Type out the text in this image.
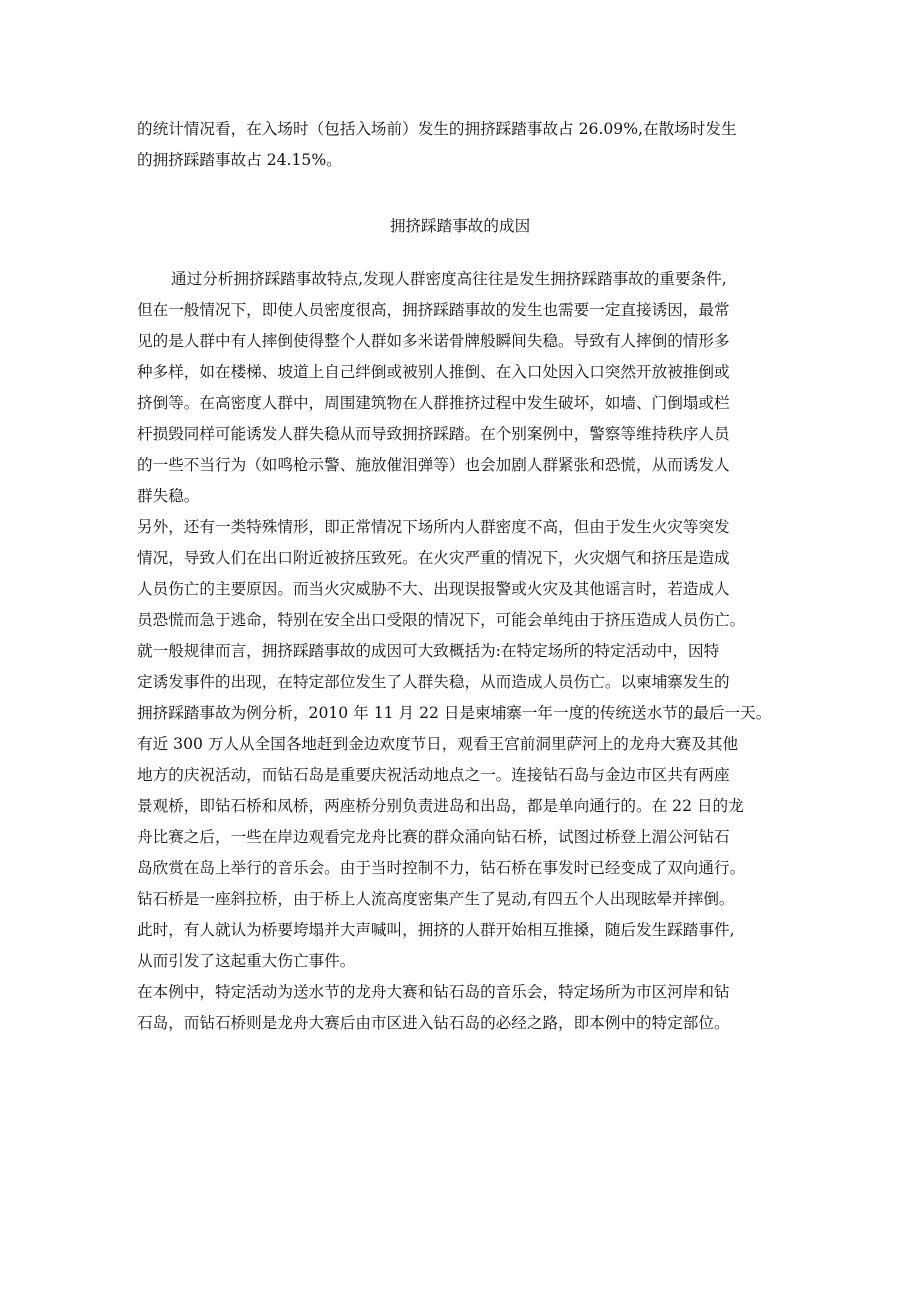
的统计情况看，在入场时（包括入场前）发生的拥挤踩踏事故占 26.09%,在散场时发生
的拥挤踩踏事故占 24.15%。
拥挤踩踏事故的成因
通过分析拥挤踩踏事故特点,发现人群密度高往往是发生拥挤踩踏事故的重要条件,
但在一般情况下，即使人员密度很高，拥挤踩踏事故的发生也需要一定直接诱因，最常
见的是人群中有人摔倒使得整个人群如多米诺骨牌般瞬间失稳。导致有人摔倒的情形多
种多样，如在楼梯、坡道上自己绊倒或被别人推倒、在入口处因入口突然开放被推倒或
挤倒等。在高密度人群中，周围建筑物在人群推挤过程中发生破坏，如墙、门倒塌或栏
杆损毁同样可能诱发人群失稳从而导致拥挤踩踏。在个别案例中，警察等维持秩序人员
的一些不当行为（如鸣枪示警、施放催泪弹等）也会加剧人群紧张和恐慌，从而诱发人
群失稳。
另外，还有一类特殊情形，即正常情况下场所内人群密度不高，但由于发生火灾等突发
情况，导致人们在出口附近被挤压致死。在火灾严重的情况下，火灾烟气和挤压是造成
人员伤亡的主要原因。而当火灾威胁不大、出现误报警或火灾及其他谣言时，若造成人
员恐慌而急于逃命，特别在安全出口受限的情况下，可能会单纯由于挤压造成人员伤亡。
就一般规律而言，拥挤踩踏事故的成因可大致概括为:在特定场所的特定活动中，因特
定诱发事件的出现，在特定部位发生了人群失稳，从而造成人员伤亡。以柬埔寨发生的
拥挤踩踏事故为例分析，2010 年 11 月 22 日是柬埔寨一年一度的传统送水节的最后一天。
有近 300 万人从全国各地赶到金边欢度节日，观看王宫前洞里萨河上的龙舟大赛及其他
地方的庆祝活动，而钻石岛是重要庆祝活动地点之一。连接钻石岛与金边市区共有两座
景观桥，即钻石桥和凤桥，两座桥分别负责进岛和出岛，都是单向通行的。在 22 日的龙
舟比赛之后，一些在岸边观看完龙舟比赛的群众涌向钻石桥，试图过桥登上湄公河钻石
岛欣赏在岛上举行的音乐会。由于当时控制不力，钻石桥在事发时已经变成了双向通行。
钻石桥是一座斜拉桥，由于桥上人流高度密集产生了晃动,有四五个人出现眩晕并摔倒。
此时，有人就认为桥要垮塌并大声喊叫，拥挤的人群开始相互推搡，随后发生踩踏事件,
从而引发了这起重大伤亡事件。
在本例中，特定活动为送水节的龙舟大赛和钻石岛的音乐会，特定场所为市区河岸和钻
石岛，而钻石桥则是龙舟大赛后由市区进入钻石岛的必经之路，即本例中的特定部位。
